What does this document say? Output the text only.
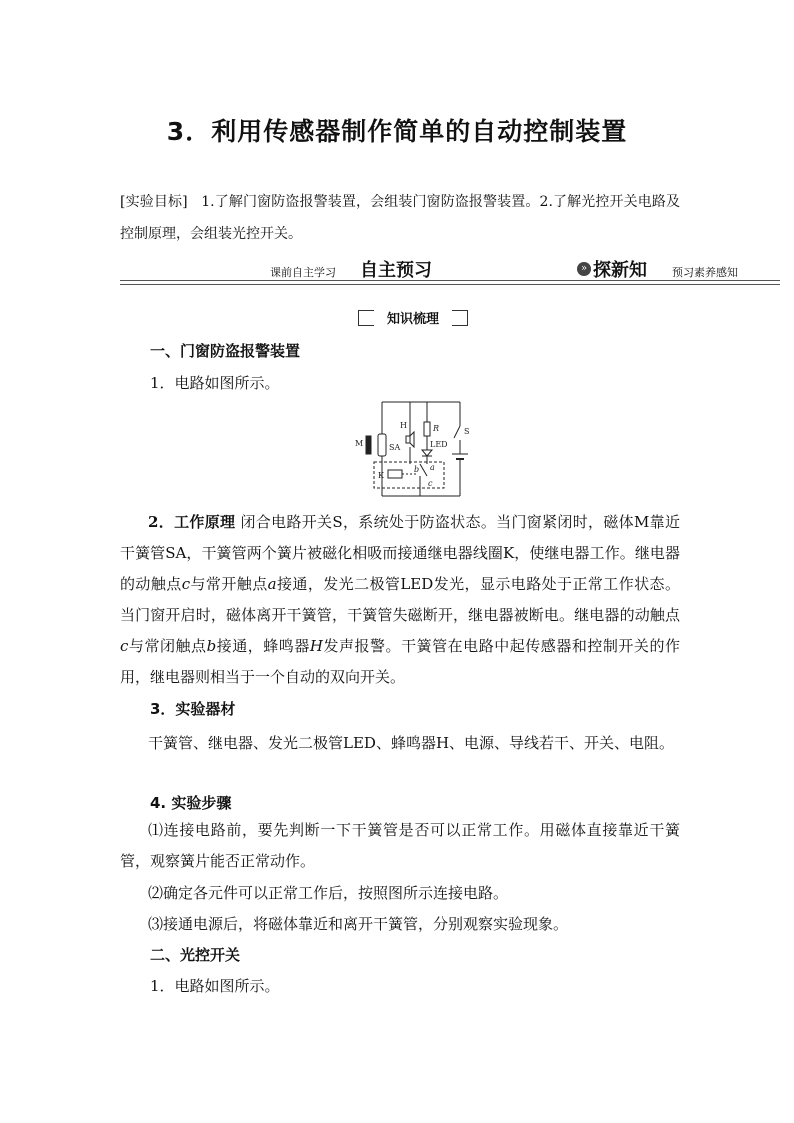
3．利用传感器制作简单的自动控制装置
[实验目标] 1.了解门窗防盗报警装置，会组装门窗防盗报警装置。2.了解光控开关电路及控制原理，会组装光控开关。
课前自主学习 自主预习	» 探新知 预习素养感知
知识梳理
一、门窗防盗报警装置
1．电路如图所示。
M	SA
H	R
LED
b a
c
K
S
2．工作原理 闭合电路开关S，系统处于防盗状态。当门窗紧闭时，磁体M靠近干簧管SA，干簧管两个簧片被磁化相吸而接通继电器线圈K，使继电器工作。继电器的动触点c与常开触点a接通，发光二极管LED发光，显示电路处于正常工作状态。当门窗开启时，磁体离开干簧管，干簧管失磁断开，继电器被断电。继电器的动触点c与常闭触点b接通，蜂鸣器H发声报警。干簧管在电路中起传感器和控制开关的作用，继电器则相当于一个自动的双向开关。
3．实验器材
干簧管、继电器、发光二极管LED、蜂鸣器H、电源、导线若干、开关、电阻。
4. 实验步骤
⑴连接电路前，要先判断一下干簧管是否可以正常工作。用磁体直接靠近干簧管，观察簧片能否正常动作。
⑵确定各元件可以正常工作后，按照图所示连接电路。
⑶接通电源后，将磁体靠近和离开干簧管，分别观察实验现象。
二、光控开关
1．电路如图所示。
